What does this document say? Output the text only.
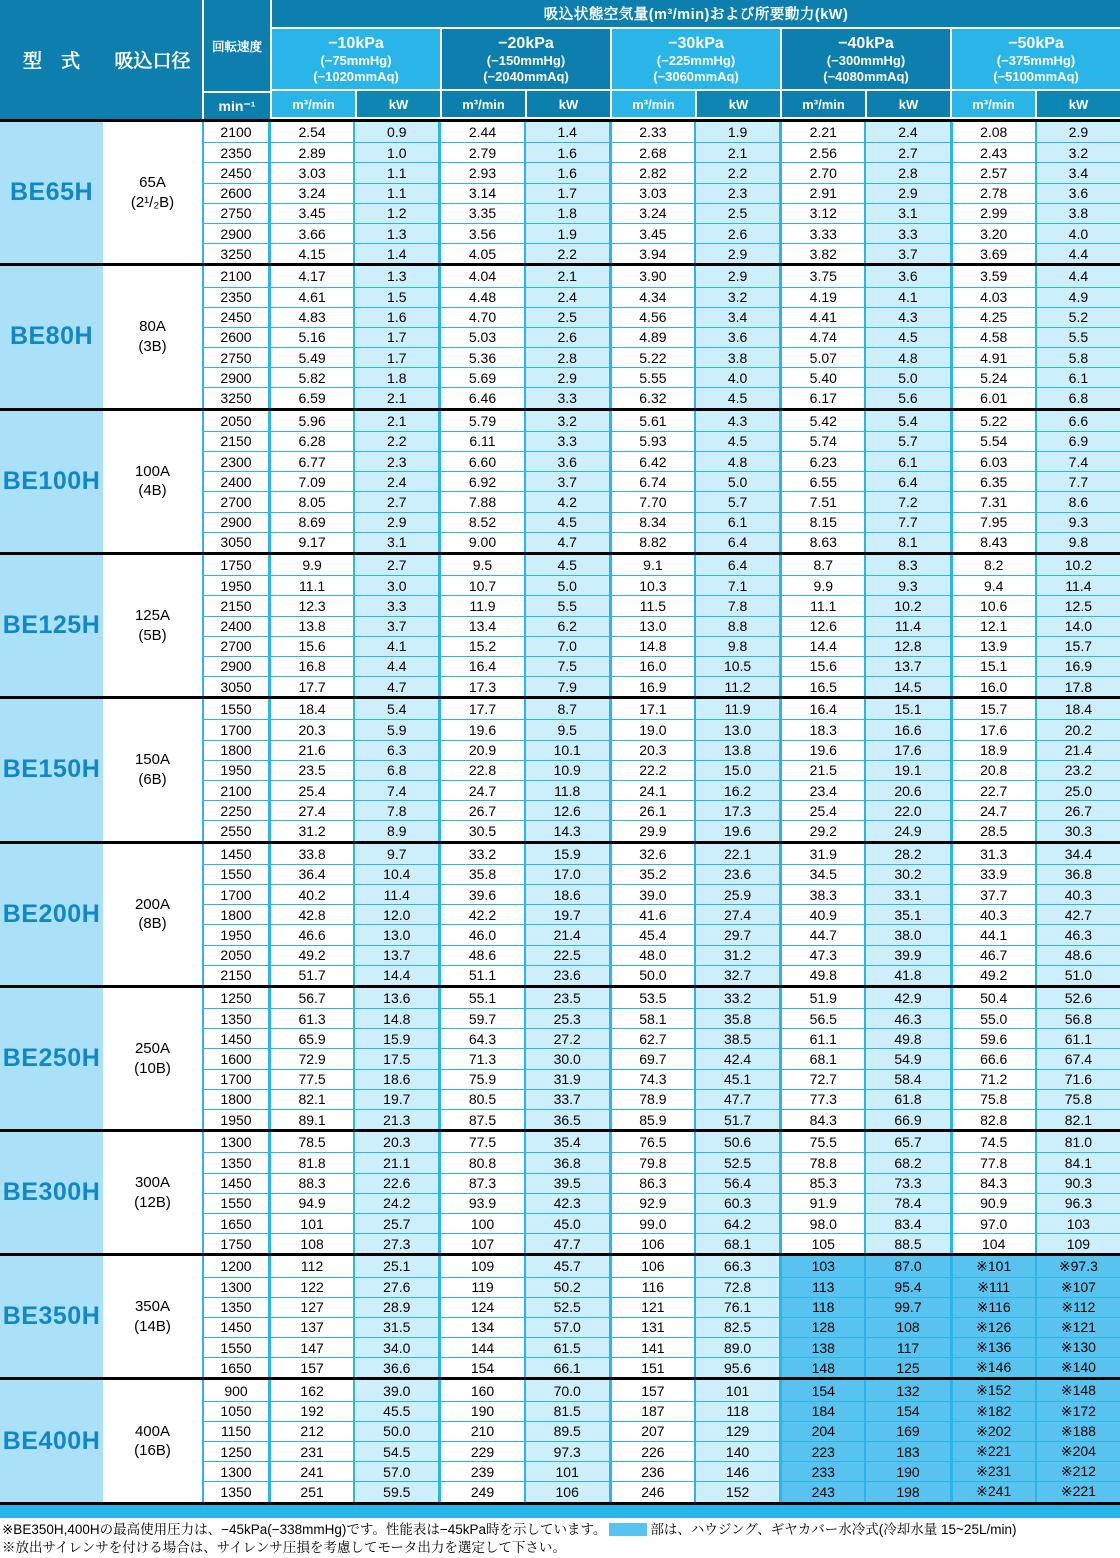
型　式	吸込口径
回転速度
min⁻¹
吸込状態空気量(m³/min)および所要動力(kW)
−10kPa
(−75mmHg)
(−1020mmAq)
−20kPa
(−150mmHg)
(−2040mmAq)
−30kPa
(−225mmHg)
(−3060mmAq)
−40kPa
(−300mmHg)
(−4080mmAq)
−50kPa
(−375mmHg)
(−5100mmAq)
m³/min	kW	m³/min	kW	m³/min	kW	m³/min	kW	m³/min	kW
BE65H	65A
(2¹/₂B)
2100	2.54	0.9	2.44	1.4	2.33	1.9	2.21	2.4	2.08	2.9
2350	2.89	1.0	2.79	1.6	2.68	2.1	2.56	2.7	2.43	3.2
2450	3.03	1.1	2.93	1.6	2.82	2.2	2.70	2.8	2.57	3.4
2600	3.24	1.1	3.14	1.7	3.03	2.3	2.91	2.9	2.78	3.6
2750	3.45	1.2	3.35	1.8	3.24	2.5	3.12	3.1	2.99	3.8
2900	3.66	1.3	3.56	1.9	3.45	2.6	3.33	3.3	3.20	4.0
3250	4.15	1.4	4.05	2.2	3.94	2.9	3.82	3.7	3.69	4.4
BE80H	80A
(3B)
2100	4.17	1.3	4.04	2.1	3.90	2.9	3.75	3.6	3.59	4.4
2350	4.61	1.5	4.48	2.4	4.34	3.2	4.19	4.1	4.03	4.9
2450	4.83	1.6	4.70	2.5	4.56	3.4	4.41	4.3	4.25	5.2
2600	5.16	1.7	5.03	2.6	4.89	3.6	4.74	4.5	4.58	5.5
2750	5.49	1.7	5.36	2.8	5.22	3.8	5.07	4.8	4.91	5.8
2900	5.82	1.8	5.69	2.9	5.55	4.0	5.40	5.0	5.24	6.1
3250	6.59	2.1	6.46	3.3	6.32	4.5	6.17	5.6	6.01	6.8
BE100H 100A
(4B)
2050	5.96	2.1	5.79	3.2	5.61	4.3	5.42	5.4	5.22	6.6
2150	6.28	2.2	6.11	3.3	5.93	4.5	5.74	5.7	5.54	6.9
2300	6.77	2.3	6.60	3.6	6.42	4.8	6.23	6.1	6.03	7.4
2400	7.09	2.4	6.92	3.7	6.74	5.0	6.55	6.4	6.35	7.7
2700	8.05	2.7	7.88	4.2	7.70	5.7	7.51	7.2	7.31	8.6
2900	8.69	2.9	8.52	4.5	8.34	6.1	8.15	7.7	7.95	9.3
3050	9.17	3.1	9.00	4.7	8.82	6.4	8.63	8.1	8.43	9.8
BE125H 125A
(5B)
1750	9.9	2.7	9.5	4.5	9.1	6.4	8.7	8.3	8.2	10.2
1950	11.1	3.0	10.7	5.0	10.3	7.1	9.9	9.3	9.4	11.4
2150	12.3	3.3	11.9	5.5	11.5	7.8	11.1	10.2	10.6	12.5
2400	13.8	3.7	13.4	6.2	13.0	8.8	12.6	11.4	12.1	14.0
2700	15.6	4.1	15.2	7.0	14.8	9.8	14.4	12.8	13.9	15.7
2900	16.8	4.4	16.4	7.5	16.0	10.5	15.6	13.7	15.1	16.9
3050	17.7	4.7	17.3	7.9	16.9	11.2	16.5	14.5	16.0	17.8
BE150H 150A
(6B)
1550	18.4	5.4	17.7	8.7	17.1	11.9	16.4	15.1	15.7	18.4
1700	20.3	5.9	19.6	9.5	19.0	13.0	18.3	16.6	17.6	20.2
1800	21.6	6.3	20.9	10.1	20.3	13.8	19.6	17.6	18.9	21.4
1950	23.5	6.8	22.8	10.9	22.2	15.0	21.5	19.1	20.8	23.2
2100	25.4	7.4	24.7	11.8	24.1	16.2	23.4	20.6	22.7	25.0
2250	27.4	7.8	26.7	12.6	26.1	17.3	25.4	22.0	24.7	26.7
2550	31.2	8.9	30.5	14.3	29.9	19.6	29.2	24.9	28.5	30.3
BE200H 200A
(8B)
1450	33.8	9.7	33.2	15.9	32.6	22.1	31.9	28.2	31.3	34.4
1550	36.4	10.4	35.8	17.0	35.2	23.6	34.5	30.2	33.9	36.8
1700	40.2	11.4	39.6	18.6	39.0	25.9	38.3	33.1	37.7	40.3
1800	42.8	12.0	42.2	19.7	41.6	27.4	40.9	35.1	40.3	42.7
1950	46.6	13.0	46.0	21.4	45.4	29.7	44.7	38.0	44.1	46.3
2050	49.2	13.7	48.6	22.5	48.0	31.2	47.3	39.9	46.7	48.6
2150	51.7	14.4	51.1	23.6	50.0	32.7	49.8	41.8	49.2	51.0
BE250H 250A
(10B)
1250	56.7	13.6	55.1	23.5	53.5	33.2	51.9	42.9	50.4	52.6
1350	61.3	14.8	59.7	25.3	58.1	35.8	56.5	46.3	55.0	56.8
1450	65.9	15.9	64.3	27.2	62.7	38.5	61.1	49.8	59.6	61.1
1600	72.9	17.5	71.3	30.0	69.7	42.4	68.1	54.9	66.6	67.4
1700	77.5	18.6	75.9	31.9	74.3	45.1	72.7	58.4	71.2	71.6
1800	82.1	19.7	80.5	33.7	78.9	47.7	77.3	61.8	75.8	75.8
1950	89.1	21.3	87.5	36.5	85.9	51.7	84.3	66.9	82.8	82.1
BE300H 300A
(12B)
1300	78.5	20.3	77.5	35.4	76.5	50.6	75.5	65.7	74.5	81.0
1350	81.8	21.1	80.8	36.8	79.8	52.5	78.8	68.2	77.8	84.1
1450	88.3	22.6	87.3	39.5	86.3	56.4	85.3	73.3	84.3	90.3
1550	94.9	24.2	93.9	42.3	92.9	60.3	91.9	78.4	90.9	96.3
1650	101	25.7	100	45.0	99.0	64.2	98.0	83.4	97.0	103
1750	108	27.3	107	47.7	106	68.1	105	88.5	104	109
BE350H 350A
(14B)
1200	112	25.1	109	45.7	106	66.3	103	87.0	※101	※97.3
1300	122	27.6	119	50.2	116	72.8	113	95.4	※111	※107
1350	127	28.9	124	52.5	121	76.1	118	99.7	※116	※112
1450	137	31.5	134	57.0	131	82.5	128	108	※126	※121
1550	147	34.0	144	61.5	141	89.0	138	117	※136	※130
1650	157	36.6	154	66.1	151	95.6	148	125	※146	※140
BE400H 400A
(16B)
900	162	39.0	160	70.0	157	101	154	132	※152	※148
1050	192	45.5	190	81.5	187	118	184	154	※182	※172
1150	212	50.0	210	89.5	207	129	204	169	※202	※188
1250	231	54.5	229	97.3	226	140	223	183	※221	※204
1300	241	57.0	239	101	236	146	233	190	※231	※212
1350	251	59.5	249	106	246	152	243	198	※241	※221
※BE350H,400Hの最高使用圧力は、−45kPa(−338mmHg)です。性能表は−45kPa時を示しています。	部は、ハウジング、ギヤカバー水冷式(冷却水量 15~25L/min)
※放出サイレンサを付ける場合は、サイレンサ圧損を考慮してモータ出力を選定して下さい。
